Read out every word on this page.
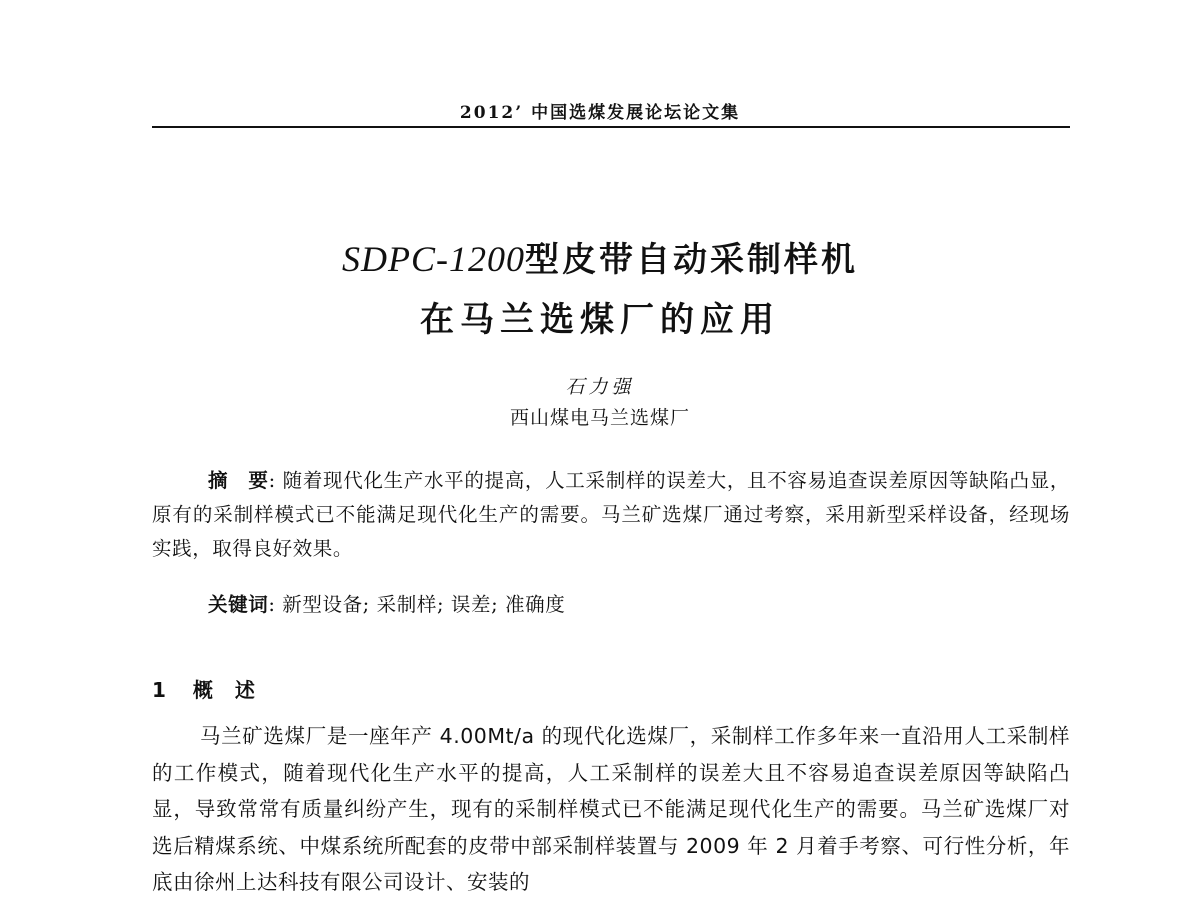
2012’ 中国选煤发展论坛论文集
SDPC-1200型皮带自动采制样机
在马兰选煤厂的应用
石力强
西山煤电马兰选煤厂

摘　要: 随着现代化生产水平的提高，人工采制样的误差大，且不容易追查误差原因等缺陷凸显，原有的采制样模式已不能满足现代化生产的需要。马兰矿选煤厂通过考察，采用新型采样设备，经现场实践，取得良好效果。

关键词: 新型设备; 采制样; 误差; 准确度
1 概　述

马兰矿选煤厂是一座年产 4.00Mt/a 的现代化选煤厂，采制样工作多年来一直沿用人工采制样的工作模式，随着现代化生产水平的提高，人工采制样的误差大且不容易追查误差原因等缺陷凸显，导致常常有质量纠纷产生，现有的采制样模式已不能满足现代化生产的需要。马兰矿选煤厂对选后精煤系统、中煤系统所配套的皮带中部采制样装置与 2009 年 2 月着手考察、可行性分析，年底由徐州上达科技有限公司设计、安装的
